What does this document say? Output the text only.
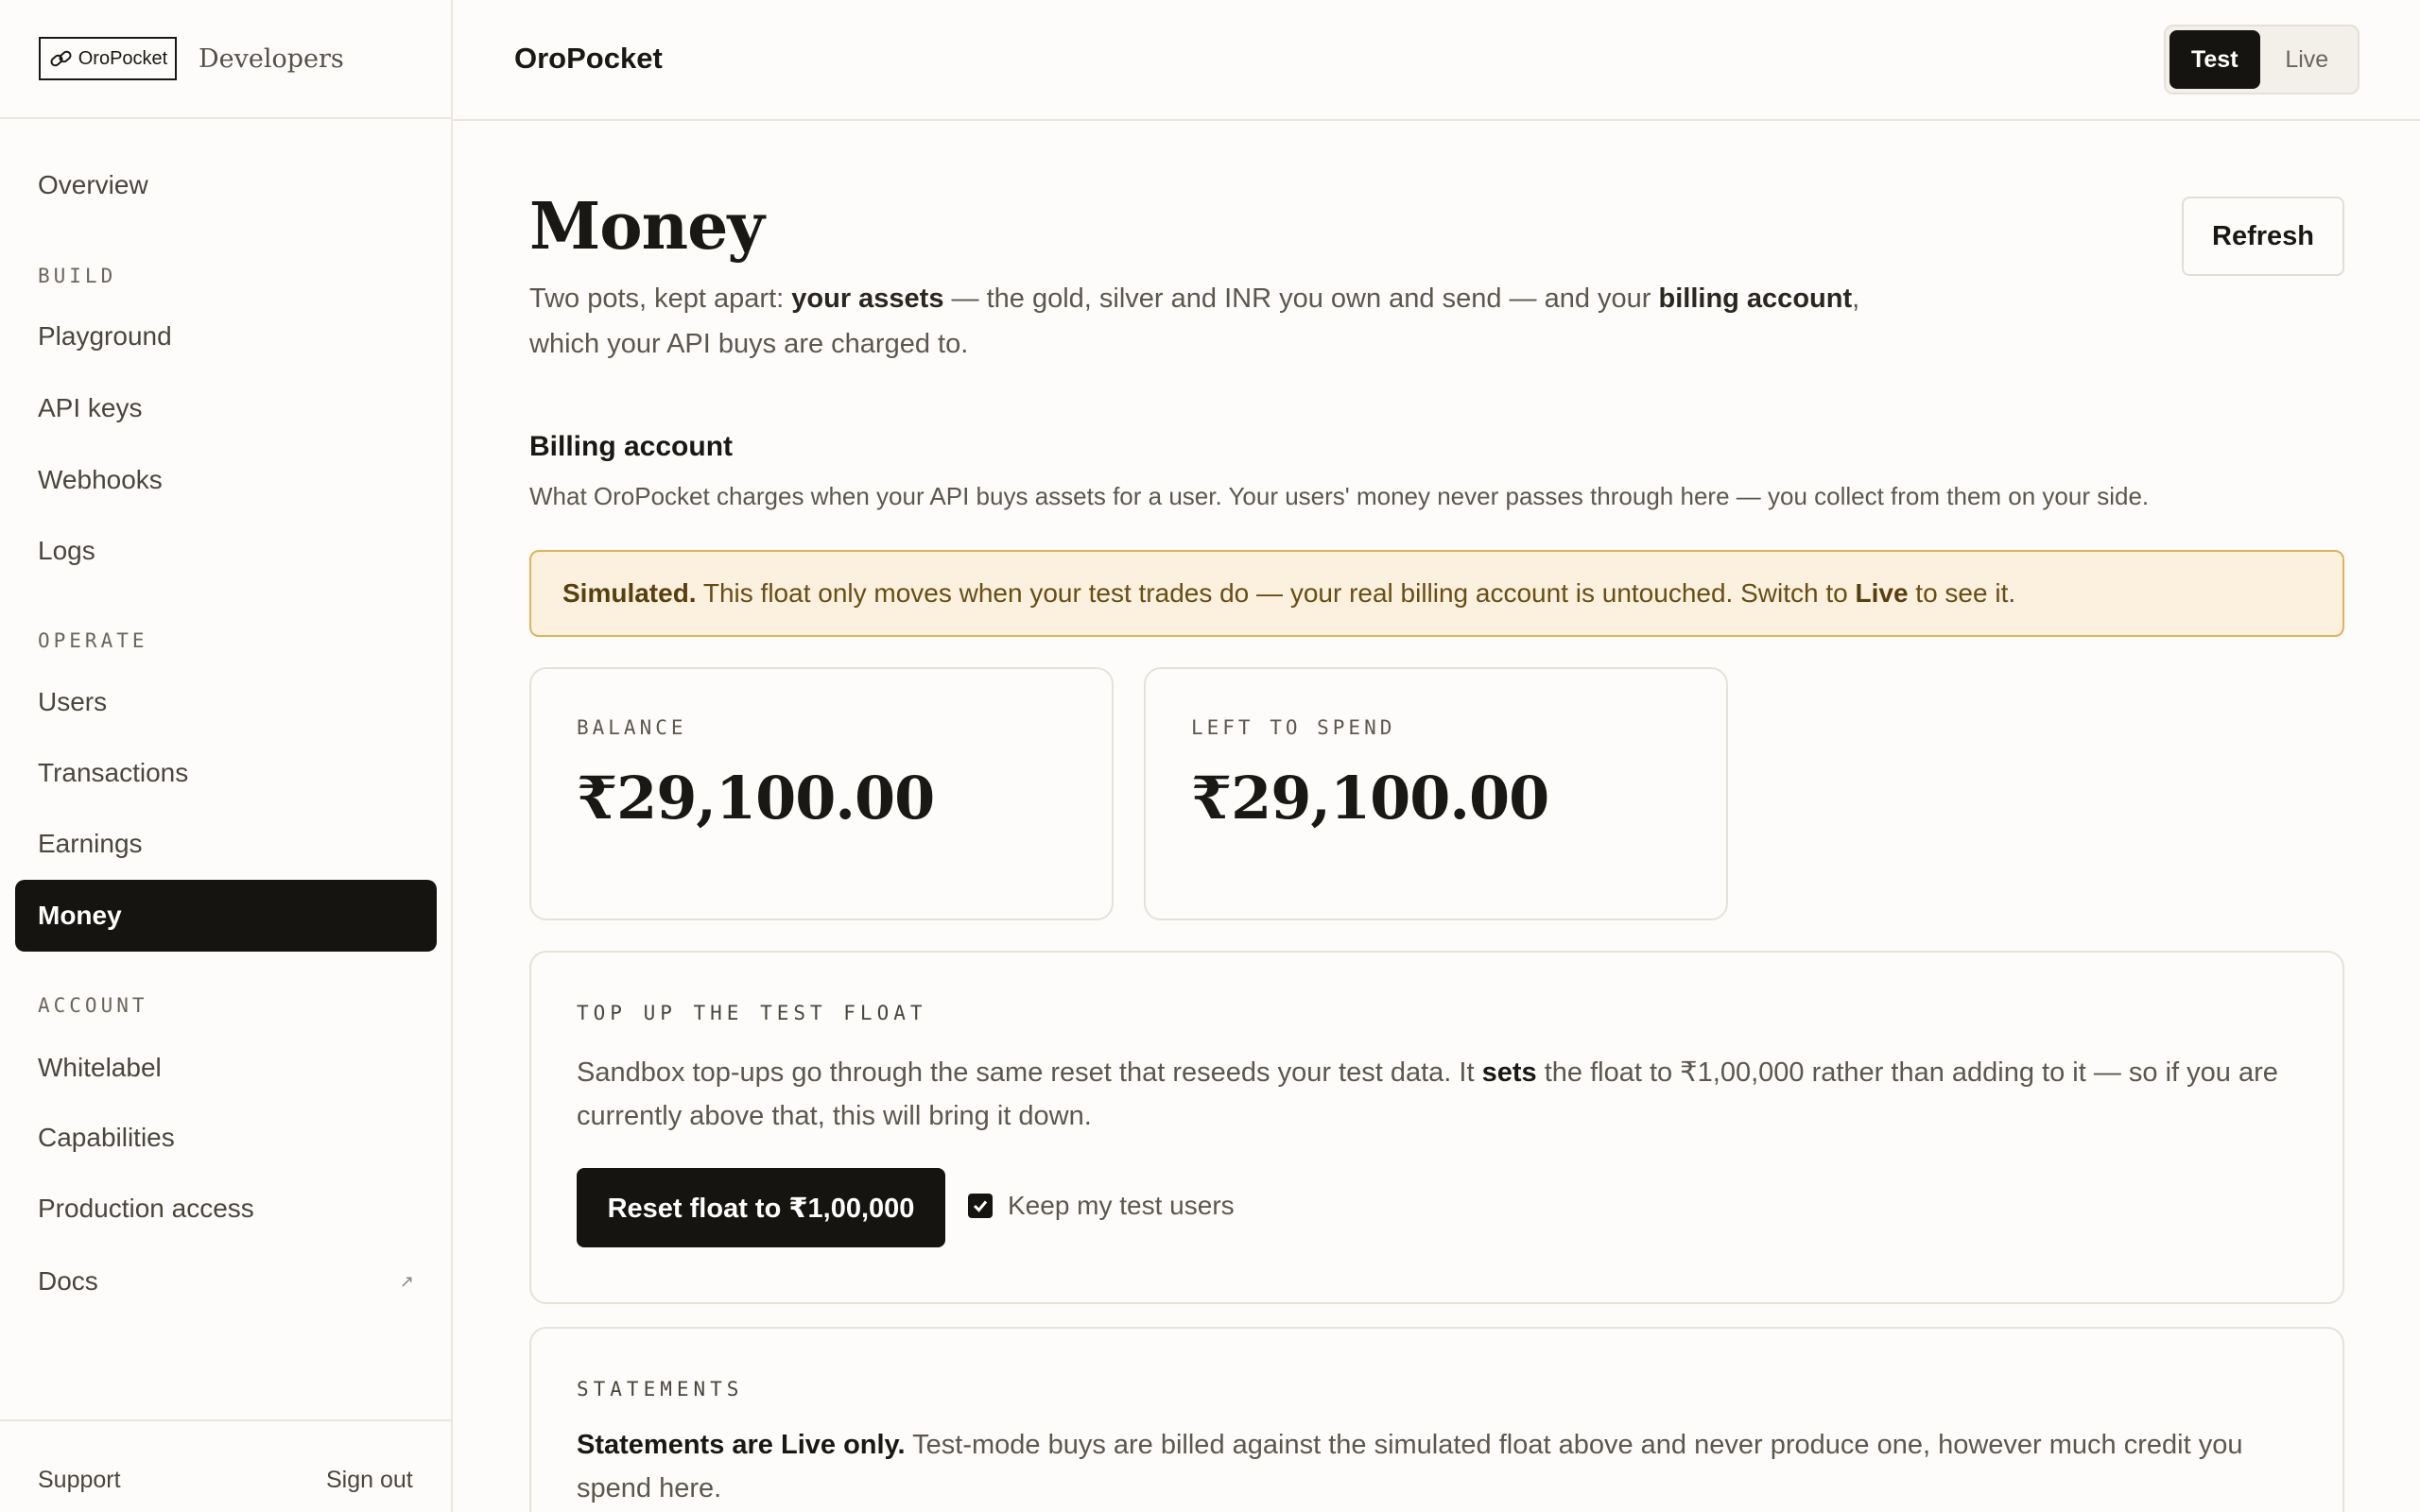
OroPocket Developers
Overview
BUILD
Playground
API keys
Webhooks
Logs
OPERATE
Users
Transactions
Earnings
Money
ACCOUNT
Whitelabel
Capabilities
Production access
Docs	↗
Support	Sign out
OroPocket	Test	Live
Money	Refresh

Two pots, kept apart: your assets — the gold, silver and INR you own and send — and your billing account, which your API buys are charged to.

Billing account

What OroPocket charges when your API buys assets for a user. Your users' money never passes through here — you collect from them on your side.

Simulated. This float only moves when your test trades do — your real billing account is untouched. Switch to Live to see it.
BALANCE
₹29,100.00
LEFT TO SPEND
₹29,100.00
TOP UP THE TEST FLOAT

Sandbox top-ups go through the same reset that reseeds your test data. It sets the float to ₹1,00,000 rather than adding to it — so if you are currently above that, this will bring it down.

Reset float to ₹1,00,000	Keep my test users
STATEMENTS

Statements are Live only. Test-mode buys are billed against the simulated float above and never produce one, however much credit you spend here.
